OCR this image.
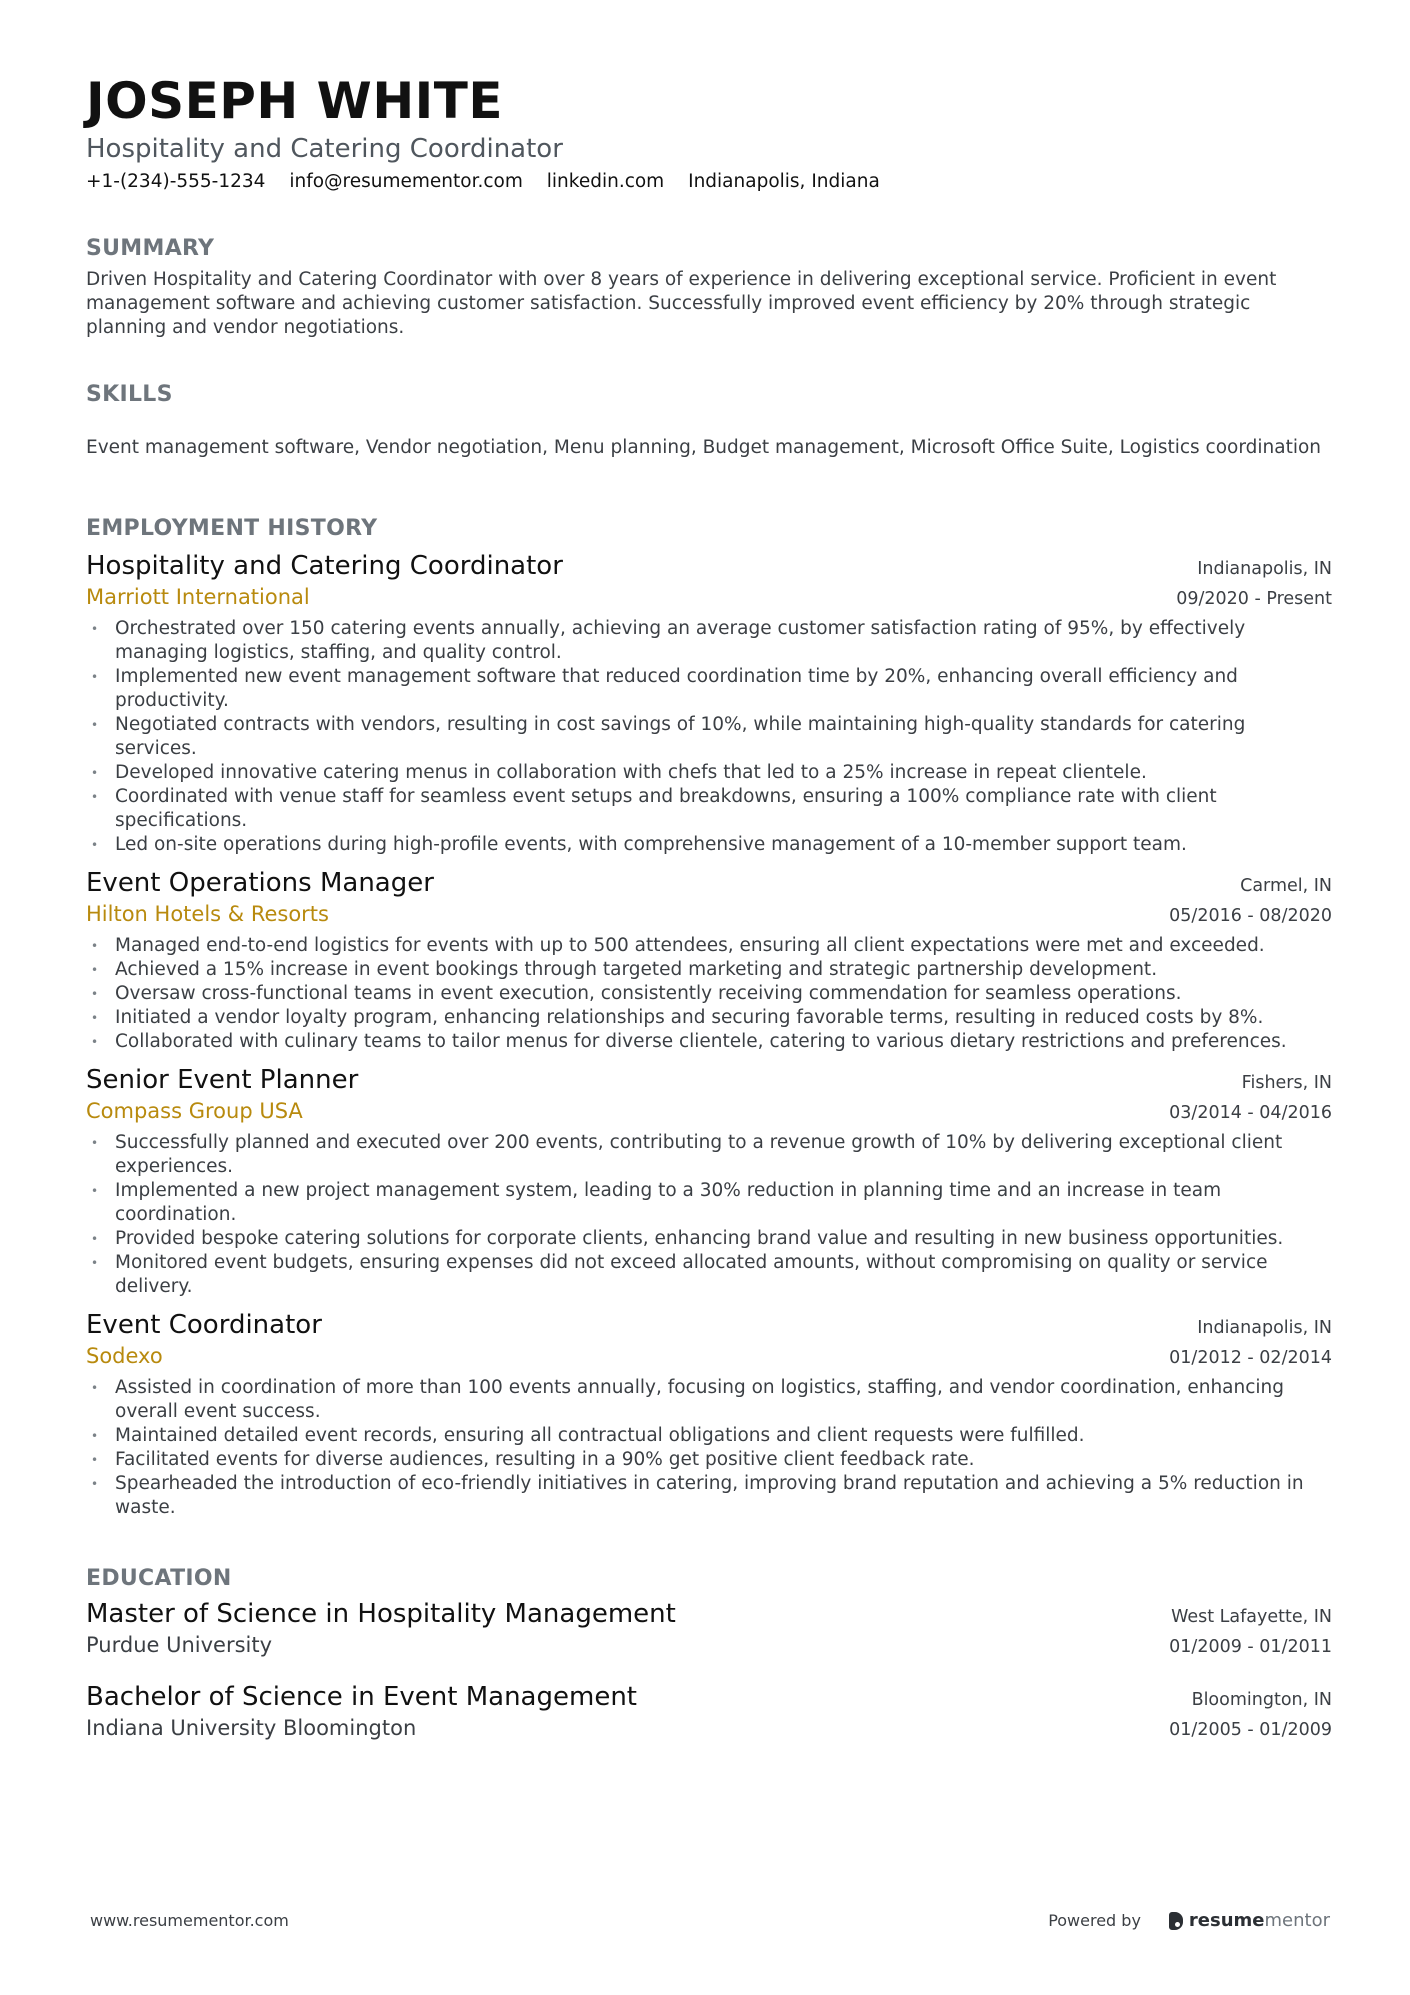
JOSEPH WHITE

Hospitality and Catering Coordinator

+1-(234)-555-1234 info@resumementor.com linkedin.com Indianapolis, Indiana
SUMMARY
Driven Hospitality and Catering Coordinator with over 8 years of experience in delivering exceptional service. Proficient in event management software and achieving customer satisfaction. Successfully improved event efficiency by 20% through strategic planning and vendor negotiations.
SKILLS
Event management software, Vendor negotiation, Menu planning, Budget management, Microsoft Office Suite, Logistics coordination
EMPLOYMENT HISTORY
Hospitality and Catering Coordinator	Indianapolis, IN
Marriott International	09/2020 - Present
• Orchestrated over 150 catering events annually, achieving an average customer satisfaction rating of 95%, by effectively managing logistics, staffing, and quality control.
• Implemented new event management software that reduced coordination time by 20%, enhancing overall efficiency and productivity.
• Negotiated contracts with vendors, resulting in cost savings of 10%, while maintaining high-quality standards for catering services.
• Developed innovative catering menus in collaboration with chefs that led to a 25% increase in repeat clientele.
• Coordinated with venue staff for seamless event setups and breakdowns, ensuring a 100% compliance rate with client specifications.
• Led on-site operations during high-profile events, with comprehensive management of a 10-member support team.
Event Operations Manager	Carmel, IN
Hilton Hotels & Resorts	05/2016 - 08/2020
• Managed end-to-end logistics for events with up to 500 attendees, ensuring all client expectations were met and exceeded.
• Achieved a 15% increase in event bookings through targeted marketing and strategic partnership development.
• Oversaw cross-functional teams in event execution, consistently receiving commendation for seamless operations.
• Initiated a vendor loyalty program, enhancing relationships and securing favorable terms, resulting in reduced costs by 8%.
• Collaborated with culinary teams to tailor menus for diverse clientele, catering to various dietary restrictions and preferences.
Senior Event Planner	Fishers, IN
Compass Group USA	03/2014 - 04/2016
• Successfully planned and executed over 200 events, contributing to a revenue growth of 10% by delivering exceptional client experiences.
• Implemented a new project management system, leading to a 30% reduction in planning time and an increase in team coordination.
• Provided bespoke catering solutions for corporate clients, enhancing brand value and resulting in new business opportunities.
• Monitored event budgets, ensuring expenses did not exceed allocated amounts, without compromising on quality or service delivery.
Event Coordinator	Indianapolis, IN
Sodexo	01/2012 - 02/2014
• Assisted in coordination of more than 100 events annually, focusing on logistics, staffing, and vendor coordination, enhancing overall event success.
• Maintained detailed event records, ensuring all contractual obligations and client requests were fulfilled.
• Facilitated events for diverse audiences, resulting in a 90% get positive client feedback rate.
• Spearheaded the introduction of eco-friendly initiatives in catering, improving brand reputation and achieving a 5% reduction in waste.
EDUCATION
Master of Science in Hospitality Management	West Lafayette, IN
Purdue University	01/2009 - 01/2011
Bachelor of Science in Event Management	Bloomington, IN
Indiana University Bloomington	01/2005 - 01/2009
www.resumementor.com	Powered by	resumementor
